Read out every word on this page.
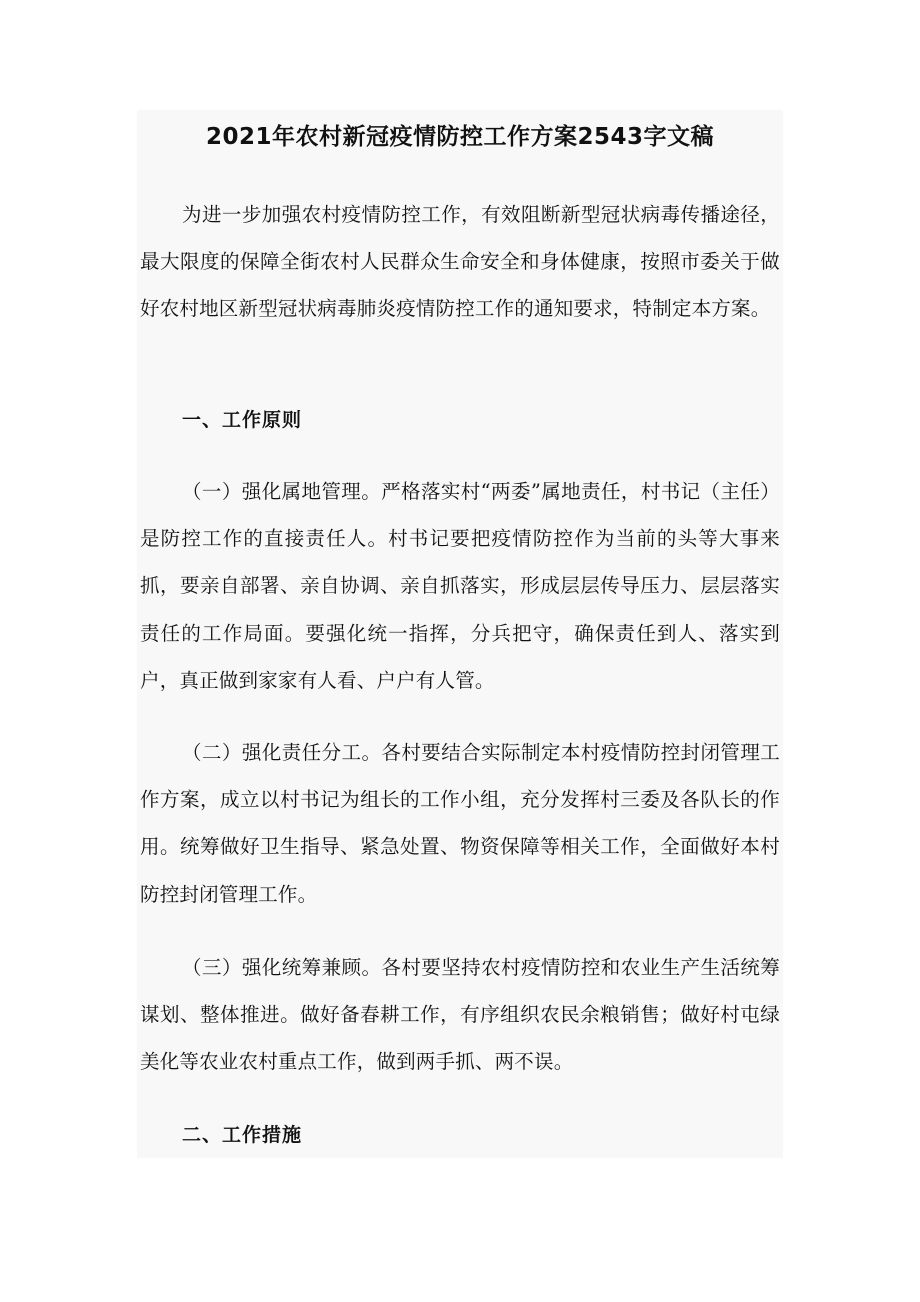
2021年农村新冠疫情防控工作方案2543字文稿
为进一步加强农村疫情防控工作，有效阻断新型冠状病毒传播途径，最大限度的保障全街农村人民群众生命安全和身体健康，按照市委关于做好农村地区新型冠状病毒肺炎疫情防控工作的通知要求，特制定本方案。
一、工作原则
（一）强化属地管理。严格落实村“两委”属地责任，村书记（主任）是防控工作的直接责任人。村书记要把疫情防控作为当前的头等大事来抓，要亲自部署、亲自协调、亲自抓落实，形成层层传导压力、层层落实责任的工作局面。要强化统一指挥，分兵把守，确保责任到人、落实到户，真正做到家家有人看、户户有人管。
（二）强化责任分工。各村要结合实际制定本村疫情防控封闭管理工作方案，成立以村书记为组长的工作小组，充分发挥村三委及各队长的作用。统筹做好卫生指导、紧急处置、物资保障等相关工作，全面做好本村防控封闭管理工作。
（三）强化统筹兼顾。各村要坚持农村疫情防控和农业生产生活统筹谋划、整体推进。做好备春耕工作，有序组织农民余粮销售；做好村屯绿美化等农业农村重点工作，做到两手抓、两不误。
二、工作措施
